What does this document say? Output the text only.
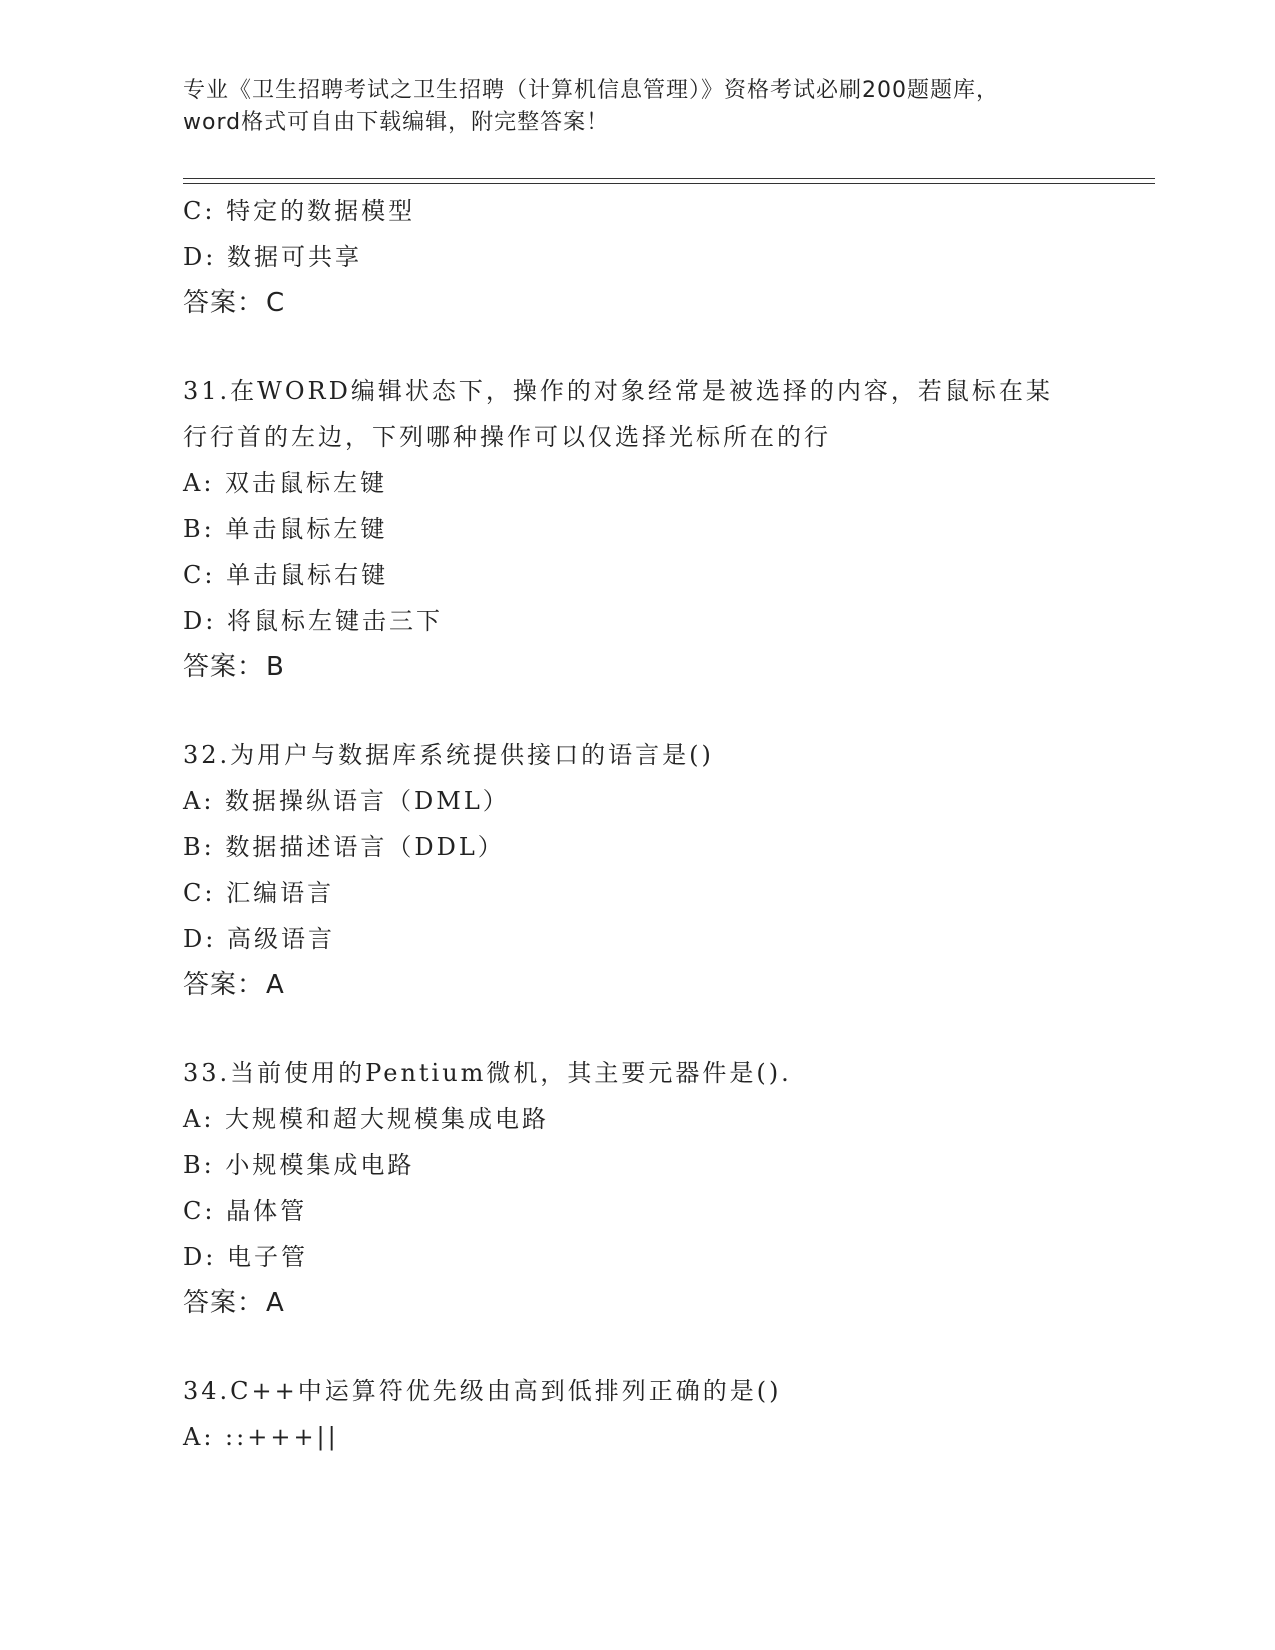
专业《卫生招聘考试之卫生招聘（计算机信息管理）》资格考试必刷200题题库，
word格式可自由下载编辑，附完整答案！
C: 特定的数据模型
D: 数据可共享
答案：C
31.在WORD编辑状态下，操作的对象经常是被选择的内容，若鼠标在某行行首的左边，下列哪种操作可以仅选择光标所在的行
A: 双击鼠标左键
B: 单击鼠标左键
C: 单击鼠标右键
D: 将鼠标左键击三下
答案：B
32.为用户与数据库系统提供接口的语言是()
A: 数据操纵语言（DML）
B: 数据描述语言（DDL）
C: 汇编语言
D: 高级语言
答案：A
33.当前使用的Pentium微机，其主要元器件是().
A: 大规模和超大规模集成电路
B: 小规模集成电路
C: 晶体管
D: 电子管
答案：A
34.C++中运算符优先级由高到低排列正确的是()
A: ::+++||
